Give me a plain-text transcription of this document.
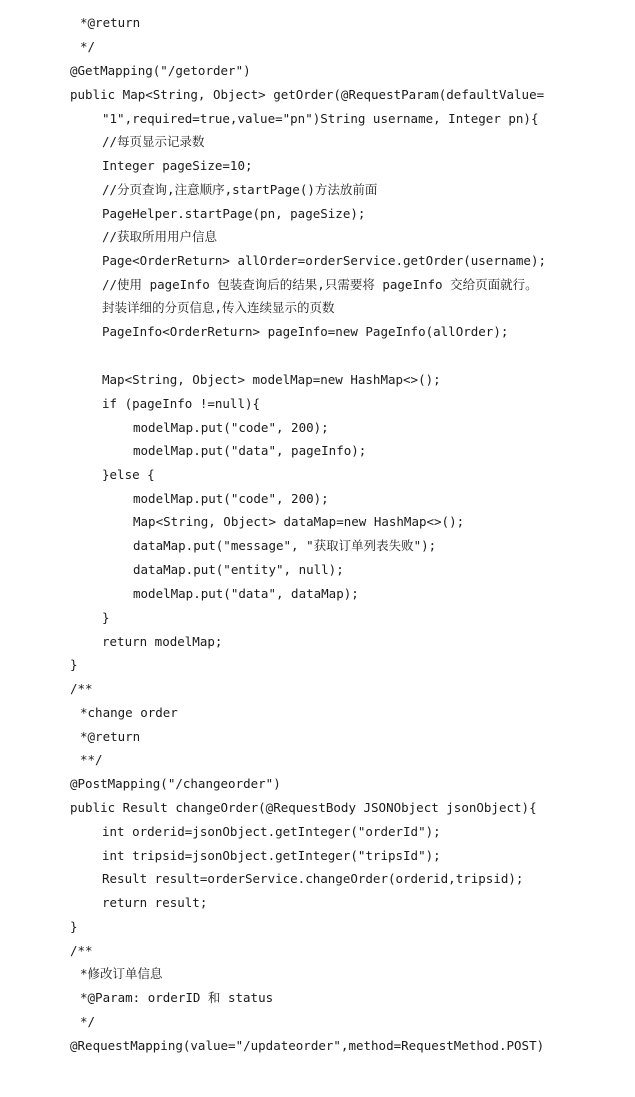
*@return
*/
@GetMapping("/getorder")
public Map<String, Object> getOrder(@RequestParam(defaultValue=
"1",required=true,value="pn")String username, Integer pn){
//每页显示记录数
Integer pageSize=10;
//分页查询,注意顺序,startPage()方法放前面
PageHelper.startPage(pn, pageSize);
//获取所用用户信息
Page<OrderReturn> allOrder=orderService.getOrder(username);
//使用 pageInfo 包装查询后的结果,只需要将 pageInfo 交给页面就行。
封装详细的分页信息,传入连续显示的页数
PageInfo<OrderReturn> pageInfo=new PageInfo(allOrder);
Map<String, Object> modelMap=new HashMap<>();
if (pageInfo !=null){
modelMap.put("code", 200);
modelMap.put("data", pageInfo);
}else {
modelMap.put("code", 200);
Map<String, Object> dataMap=new HashMap<>();
dataMap.put("message", "获取订单列表失败");
dataMap.put("entity", null);
modelMap.put("data", dataMap);
}
return modelMap;
}
/**
*change order
*@return
**/
@PostMapping("/changeorder")
public Result changeOrder(@RequestBody JSONObject jsonObject){
int orderid=jsonObject.getInteger("orderId");
int tripsid=jsonObject.getInteger("tripsId");
Result result=orderService.changeOrder(orderid,tripsid);
return result;
}
/**
*修改订单信息
*@Param: orderID 和 status
*/
@RequestMapping(value="/updateorder",method=RequestMethod.POST)
